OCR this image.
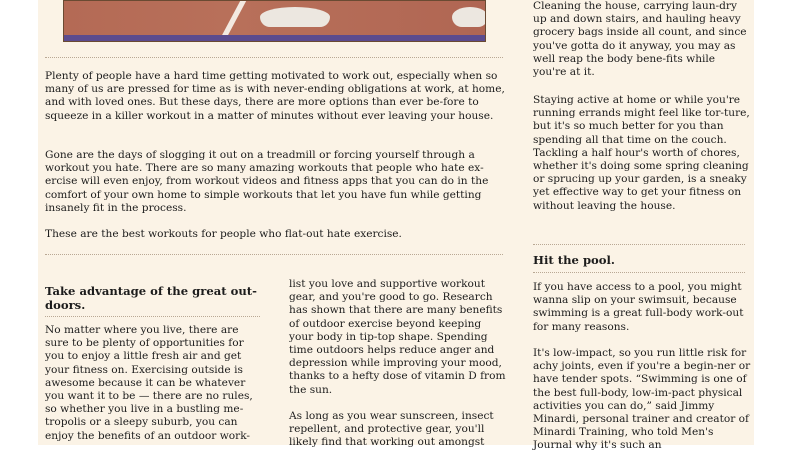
Plenty of people have a hard time getting motivated to work out, especially when so many of us are pressed for time as is with never-ending obligations at work, at home, and with loved ones. But these days, there are more options than ever be-fore to squeeze in a killer workout in a matter of minutes without ever leaving your house.

Gone are the days of slogging it out on a treadmill or forcing yourself through a workout you hate. There are so many amazing workouts that people who hate ex-ercise will even enjoy, from workout videos and fitness apps that you can do in the comfort of your own home to simple workouts that let you have fun while getting insanely fit in the process.

These are the best workouts for people who flat-out hate exercise.

Take advantage of the great out-doors.

No matter where you live, there are sure to be plenty of opportunities for you to enjoy a little fresh air and get your fitness on. Exercising outside is awesome because it can be whatever you want it to be — there are no rules, so whether you live in a bustling me-tropolis or a sleepy suburb, you can enjoy the benefits of an outdoor work-

list you love and supportive workout gear, and you're good to go. Research has shown that there are many benefits of outdoor exercise beyond keeping your body in tip-top shape. Spending time outdoors helps reduce anger and depression while improving your mood, thanks to a hefty dose of vitamin D from the sun.

As long as you wear sunscreen, insect repellent, and protective gear, you'll likely find that working out amongst

Cleaning the house, carrying laun-dry up and down stairs, and hauling heavy grocery bags inside all count, and since you've gotta do it anyway, you may as well reap the body bene-fits while you're at it.

Staying active at home or while you're running errands might feel like tor-ture, but it's so much better for you than spending all that time on the couch. Tackling a half hour's worth of chores, whether it's doing some spring cleaning or sprucing up your garden, is a sneaky yet effective way to get your fitness on without leaving the house.

Hit the pool.

If you have access to a pool, you might wanna slip on your swimsuit, because swimming is a great full-body work-out for many reasons.

It's low-impact, so you run little risk for achy joints, even if you're a begin-ner or have tender spots. “Swimming is one of the best full-body, low-im-pact physical activities you can do,” said Jimmy Minardi, personal trainer and creator of Minardi Training, who told Men's Journal why it's such an
